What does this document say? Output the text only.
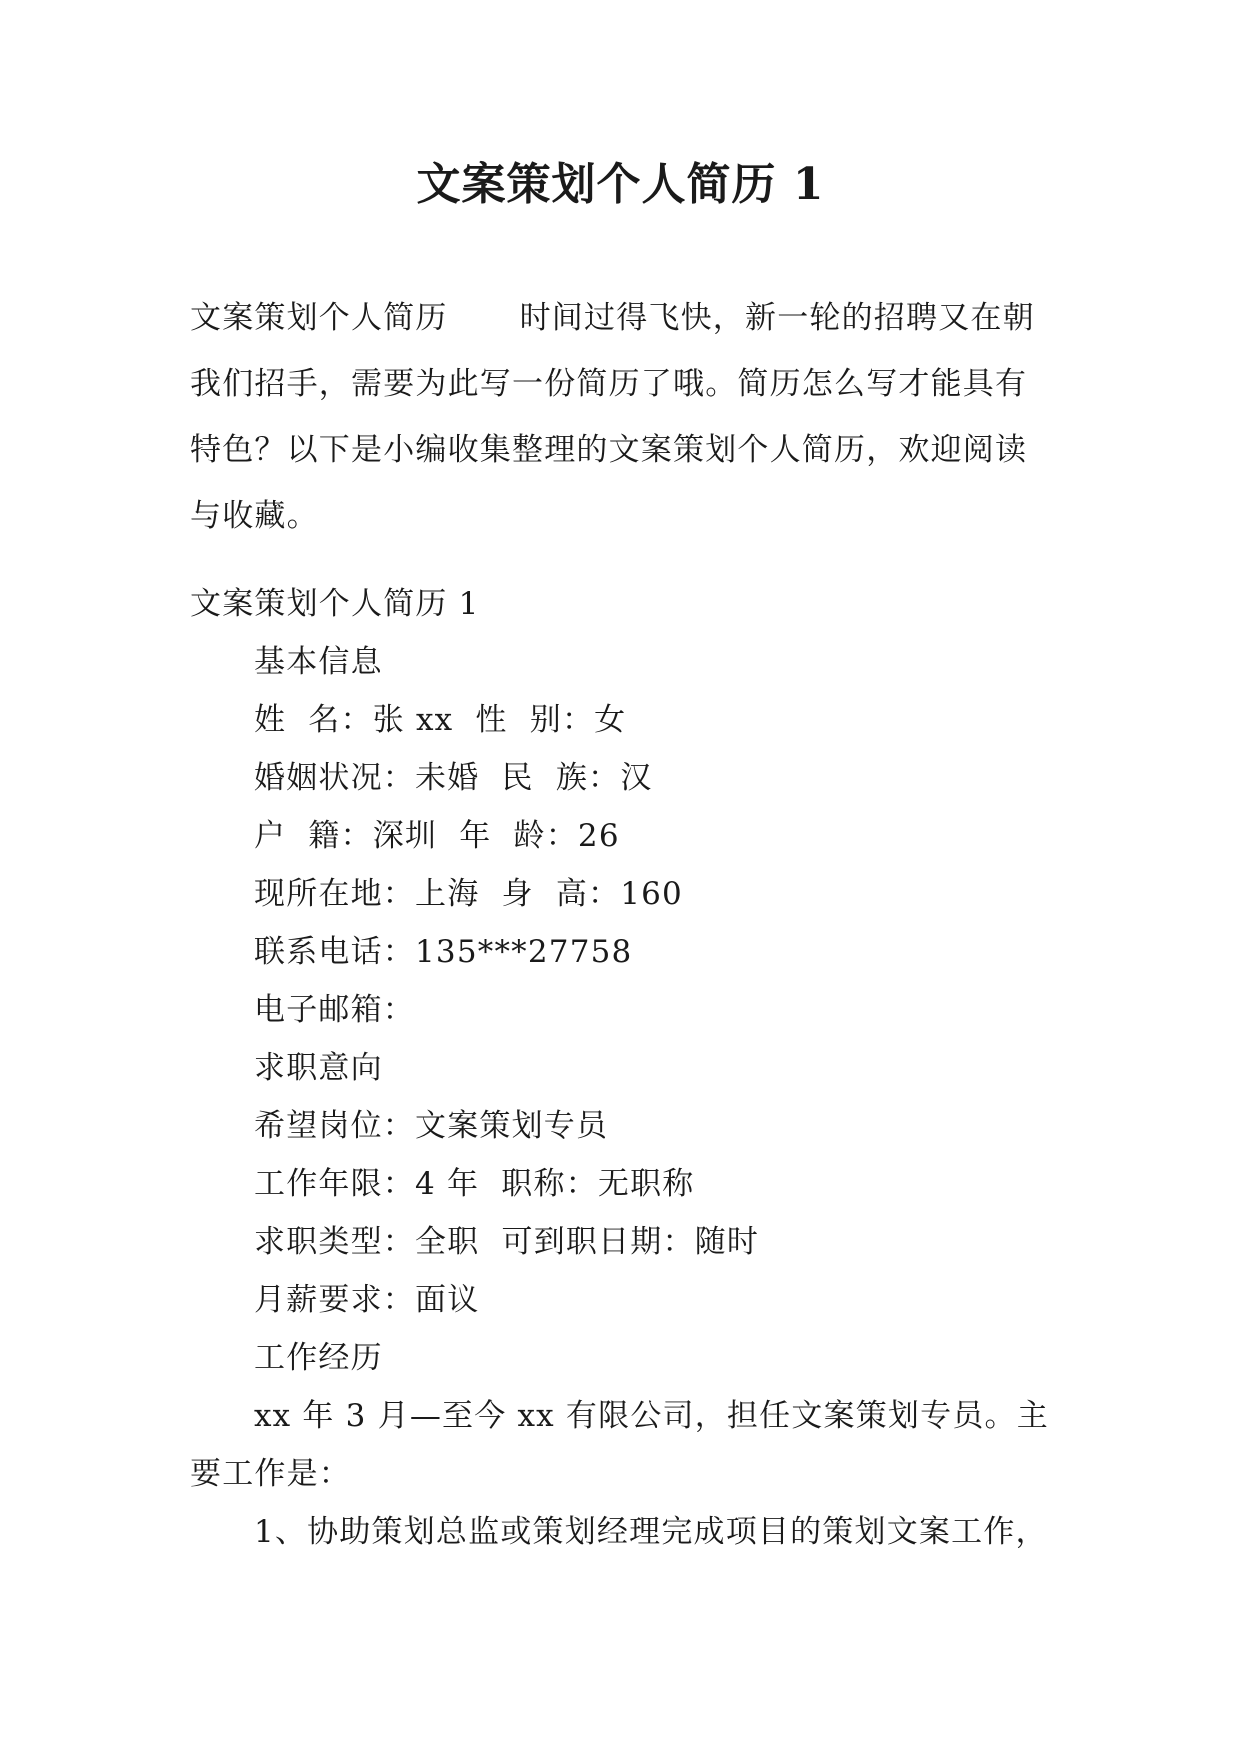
文案策划个人简历 1
文案策划个人简历 时间过得飞快，新一轮的招聘又在朝我们招手，需要为此写一份简历了哦。简历怎么写才能具有特色？以下是小编收集整理的文案策划个人简历，欢迎阅读与收藏。
文案策划个人简历 1
基本信息
姓  名：张 xx  性  别：女
婚姻状况：未婚  民  族：汉
户  籍：深圳  年  龄：26
现所在地：上海  身  高：160
联系电话：135***27758
电子邮箱：
求职意向
希望岗位：文案策划专员
工作年限：4 年  职称：无职称
求职类型：全职  可到职日期：随时
月薪要求：面议
工作经历
xx 年 3 月—至今 xx 有限公司，担任文案策划专员。主要工作是：
1、协助策划总监或策划经理完成项目的策划文案工作，
